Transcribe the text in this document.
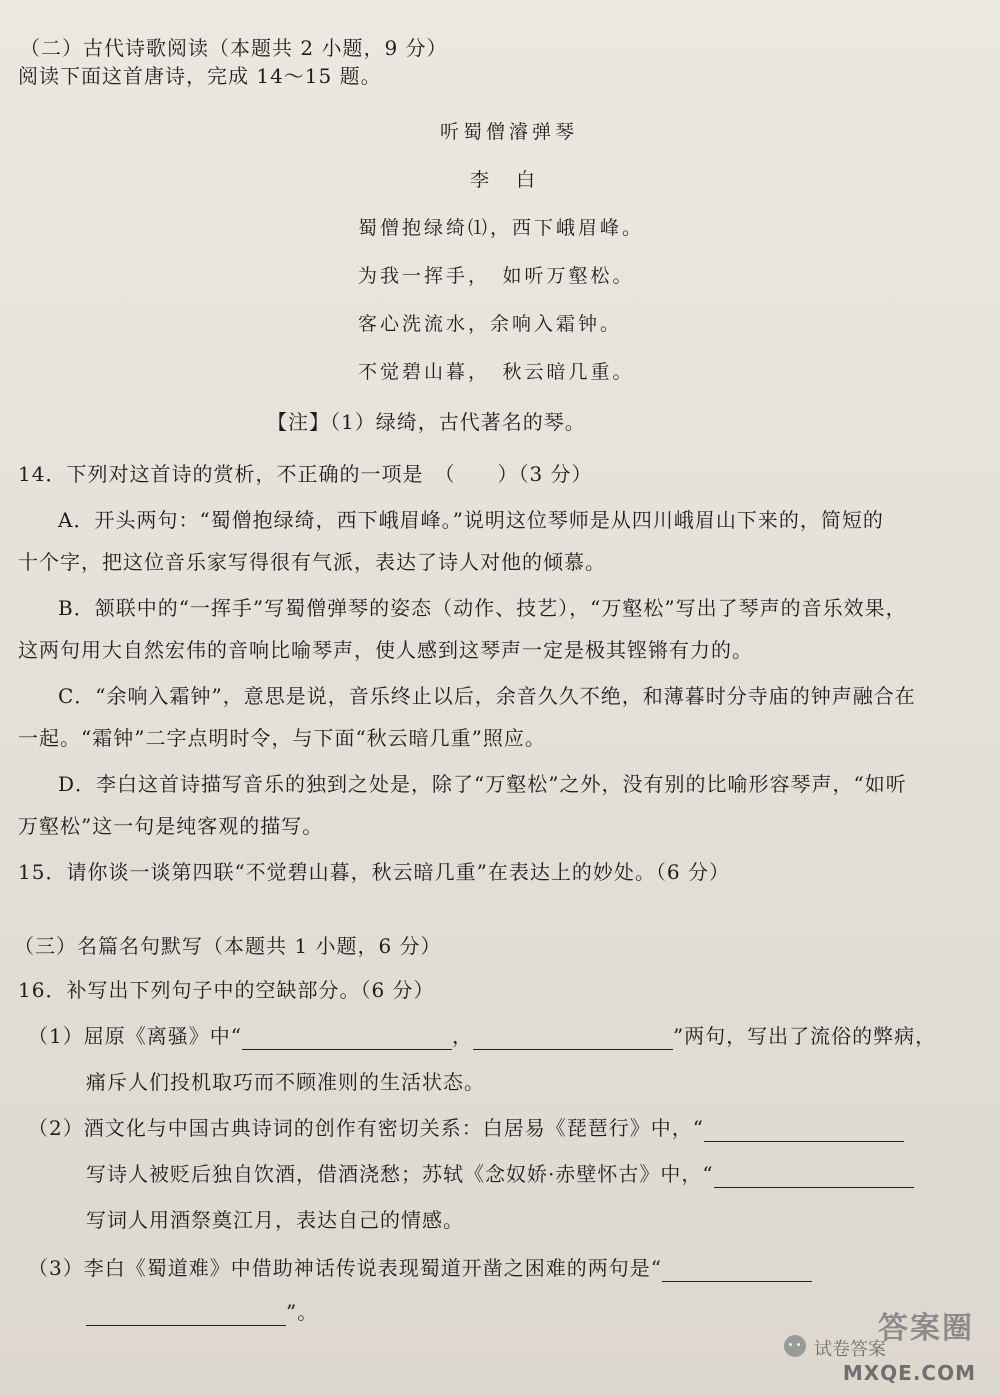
（二）古代诗歌阅读（本题共 2 小题，9 分）
阅读下面这首唐诗，完成 14～15 题。
听蜀僧濬弹琴
李　白
蜀僧抱绿绮⑴，西下峨眉峰。
为我一挥手，　如听万壑松。
客心洗流水，余响入霜钟。
不觉碧山暮，　秋云暗几重。
【注】（1）绿绮，古代著名的琴。
14．下列对这首诗的赏析，不正确的一项是　（　　）（3 分）
A．开头两句：“蜀僧抱绿绮，西下峨眉峰。”说明这位琴师是从四川峨眉山下来的，简短的
十个字，把这位音乐家写得很有气派，表达了诗人对他的倾慕。
B．颔联中的“一挥手”写蜀僧弹琴的姿态（动作、技艺），“万壑松”写出了琴声的音乐效果，
这两句用大自然宏伟的音响比喻琴声，使人感到这琴声一定是极其铿锵有力的。
C．“余响入霜钟”，意思是说，音乐终止以后，余音久久不绝，和薄暮时分寺庙的钟声融合在
一起。“霜钟”二字点明时令，与下面“秋云暗几重”照应。
D．李白这首诗描写音乐的独到之处是，除了“万壑松”之外，没有别的比喻形容琴声，“如听
万壑松”这一句是纯客观的描写。
15．请你谈一谈第四联“不觉碧山暮，秋云暗几重”在表达上的妙处。（6 分）
（三）名篇名句默写（本题共 1 小题，6 分）
16．补写出下列句子中的空缺部分。（6 分）
（1）屈原《离骚》中“	，	”两句，写出了流俗的弊病，
痛斥人们投机取巧而不顾准则的生活状态。
（2）酒文化与中国古典诗词的创作有密切关系：白居易《琵琶行》中，“
写诗人被贬后独自饮酒，借酒浇愁；苏轼《念奴娇·赤壁怀古》中，“
写词人用酒祭奠江月，表达自己的情感。
（3）李白《蜀道难》中借助神话传说表现蜀道开凿之困难的两句是“
”。	答案圈
试卷答案
MXQE.COM
